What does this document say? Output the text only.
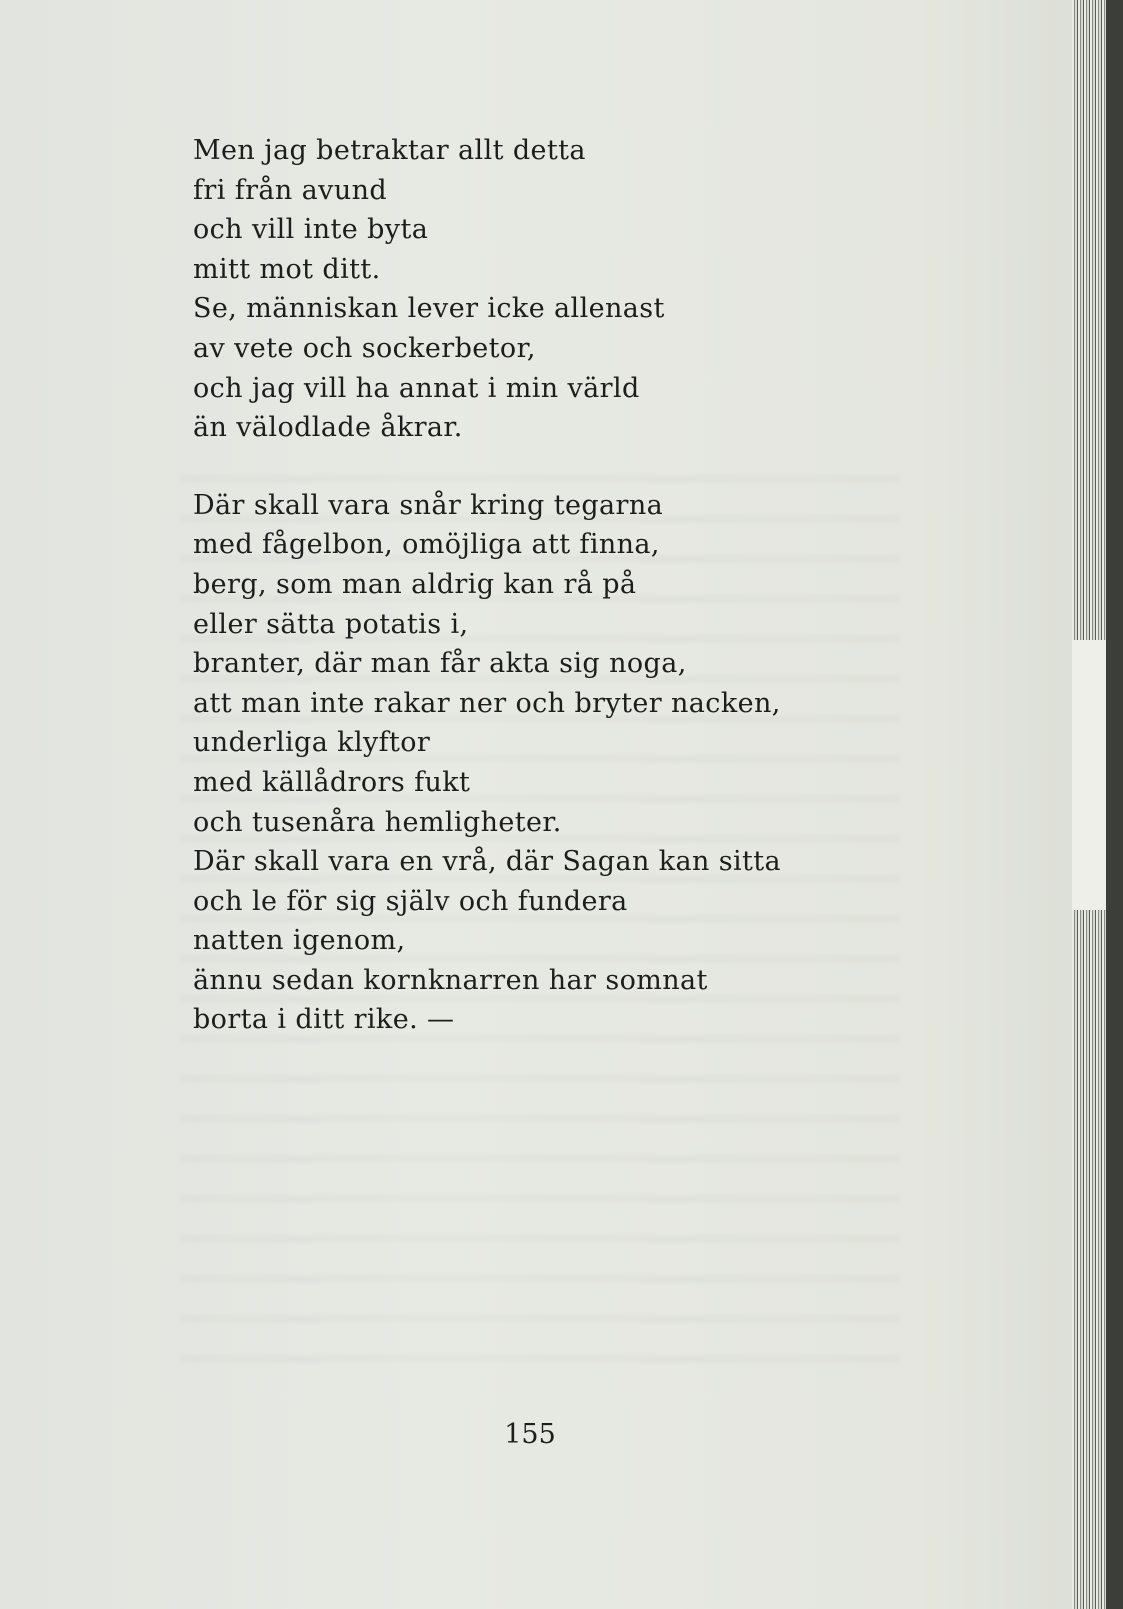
Men jag betraktar allt detta
fri från avund
och vill inte byta
mitt mot ditt.
Se, människan lever icke allenast
av vete och sockerbetor,
och jag vill ha annat i min värld
än välodlade åkrar.
Där skall vara snår kring tegarna
med fågelbon, omöjliga att finna,
berg, som man aldrig kan rå på
eller sätta potatis i,
branter, där man får akta sig noga,
att man inte rakar ner och bryter nacken,
underliga klyftor
med källådrors fukt
och tusenåra hemligheter.
Där skall vara en vrå, där Sagan kan sitta
och le för sig själv och fundera
natten igenom,
ännu sedan kornknarren har somnat
borta i ditt rike. —
155
